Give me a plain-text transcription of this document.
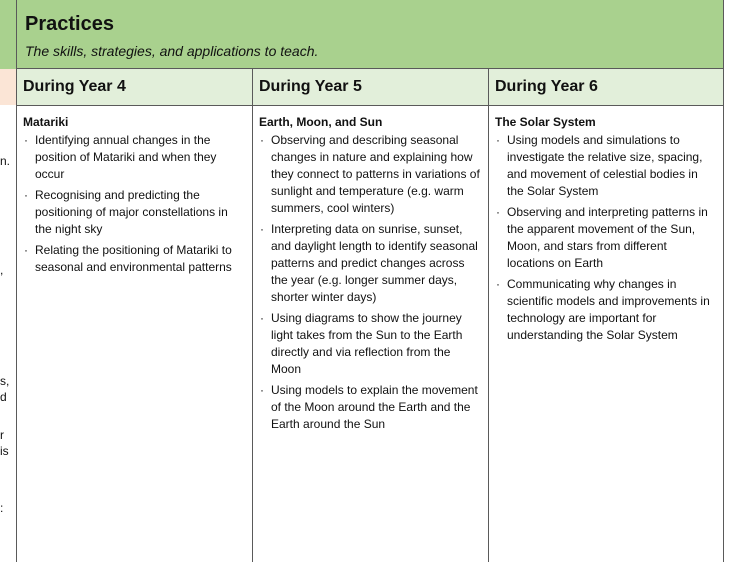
n.
,
s,
d
r
is
:
Practices
The skills, strategies, and applications to teach.
During Year 4
Matariki
· Identifying annual changes in the position of Matariki and when they occur
· Recognising and predicting the positioning of major constellations in the night sky
· Relating the positioning of Matariki to seasonal and environmental patterns
During Year 5
Earth, Moon, and Sun
· Observing and describing seasonal changes in nature and explaining how they connect to patterns in variations of sunlight and temperature (e.g. warm summers, cool winters)
· Interpreting data on sunrise, sunset, and daylight length to identify seasonal patterns and predict changes across the year (e.g. longer summer days, shorter winter days)
· Using diagrams to show the journey light takes from the Sun to the Earth directly and via reflection from the Moon
· Using models to explain the movement of the Moon around the Earth and the Earth around the Sun
During Year 6
The Solar System
· Using models and simulations to investigate the relative size, spacing, and movement of celestial bodies in the Solar System
· Observing and interpreting patterns in the apparent movement of the Sun, Moon, and stars from different locations on Earth
· Communicating why changes in scientific models and improvements in technology are important for understanding the Solar System
